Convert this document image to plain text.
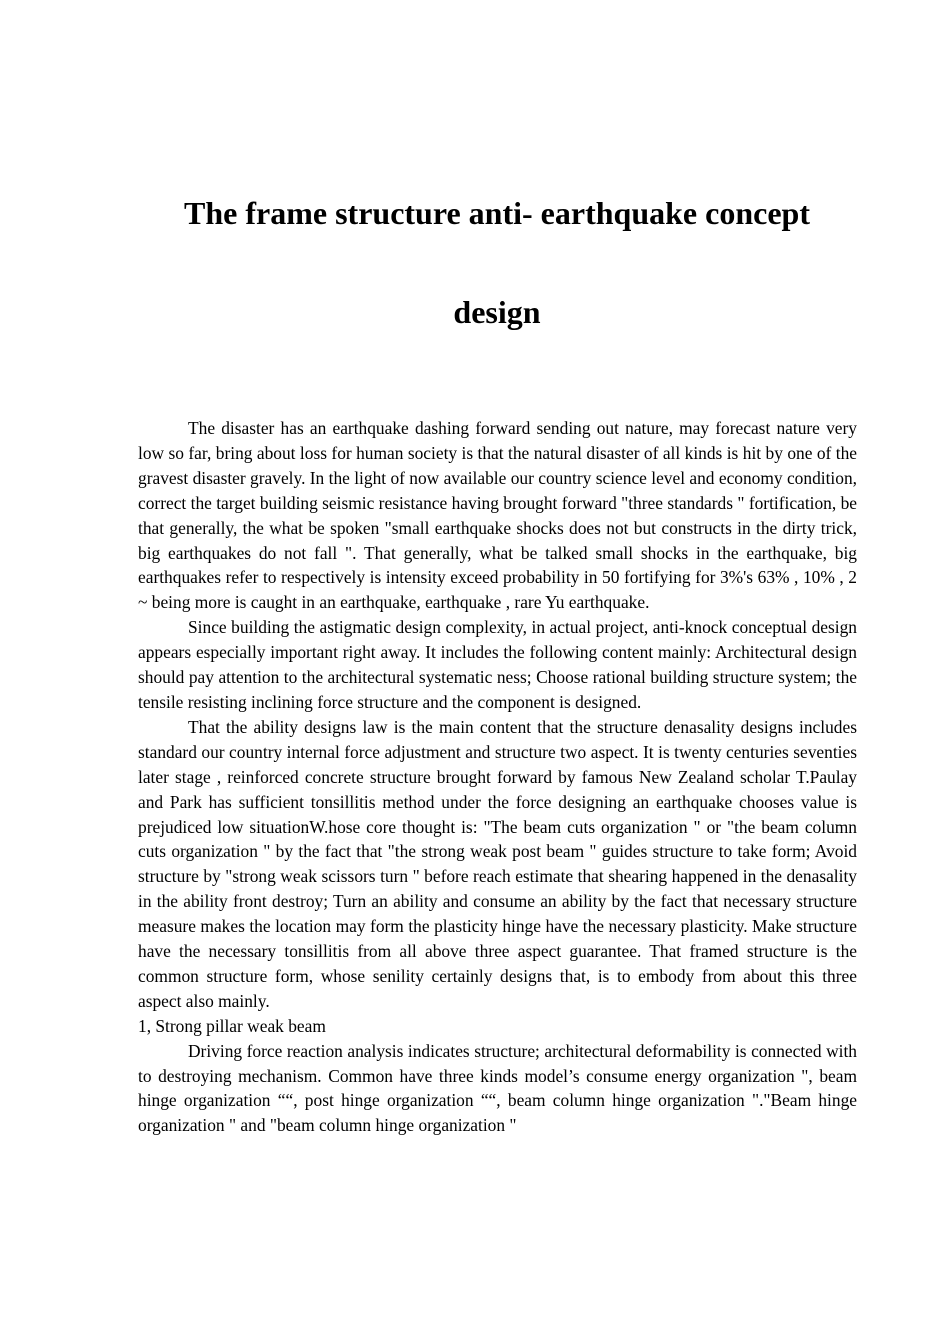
The frame structure anti- earthquake concept
design

The disaster has an earthquake dashing forward sending out nature, may forecast nature very low so far, bring about loss for human society is that the natural disaster of all kinds is hit by one of the gravest disaster gravely. In the light of now available our country science level and economy condition, correct the target building seismic resistance having brought forward "three standards " fortification, be that generally, the what be spoken "small earthquake shocks does not but constructs in the dirty trick, big earthquakes do not fall ". That generally, what be talked small shocks in the earthquake, big earthquakes refer to respectively is intensity exceed probability in 50 fortifying for 3%'s 63% , 10% , 2 ~ being more is caught in an earthquake, earthquake , rare Yu earthquake.

Since building the astigmatic design complexity, in actual project, anti-knock conceptual design appears especially important right away. It includes the following content mainly: Architectural design should pay attention to the architectural systematic ness; Choose rational building structure system; the tensile resisting inclining force structure and the component is designed.

That the ability designs law is the main content that the structure denasality designs includes standard our country internal force adjustment and structure two aspect. It is twenty centuries seventies later stage , reinforced concrete structure brought forward by famous New Zealand scholar T.Paulay and Park has sufficient tonsillitis method under the force designing an earthquake chooses value is prejudiced low situationW.hose core thought is: "The beam cuts organization " or "the beam column cuts organization " by the fact that "the strong weak post beam " guides structure to take form; Avoid structure by "strong weak scissors turn " before reach estimate that shearing happened in the denasality in the ability front destroy; Turn an ability and consume an ability by the fact that necessary structure measure makes the location may form the plasticity hinge have the necessary plasticity. Make structure have the necessary tonsillitis from all above three aspect guarantee. That framed structure is the common structure form, whose senility certainly designs that, is to embody from about this three aspect also mainly.

1, Strong pillar weak beam

Driving force reaction analysis indicates structure; architectural deformability is connected with to destroying mechanism. Common have three kinds model’s consume energy organization ", beam hinge organization ““, post hinge organization ““, beam column hinge organization "."Beam hinge organization " and "beam column hinge organization "
